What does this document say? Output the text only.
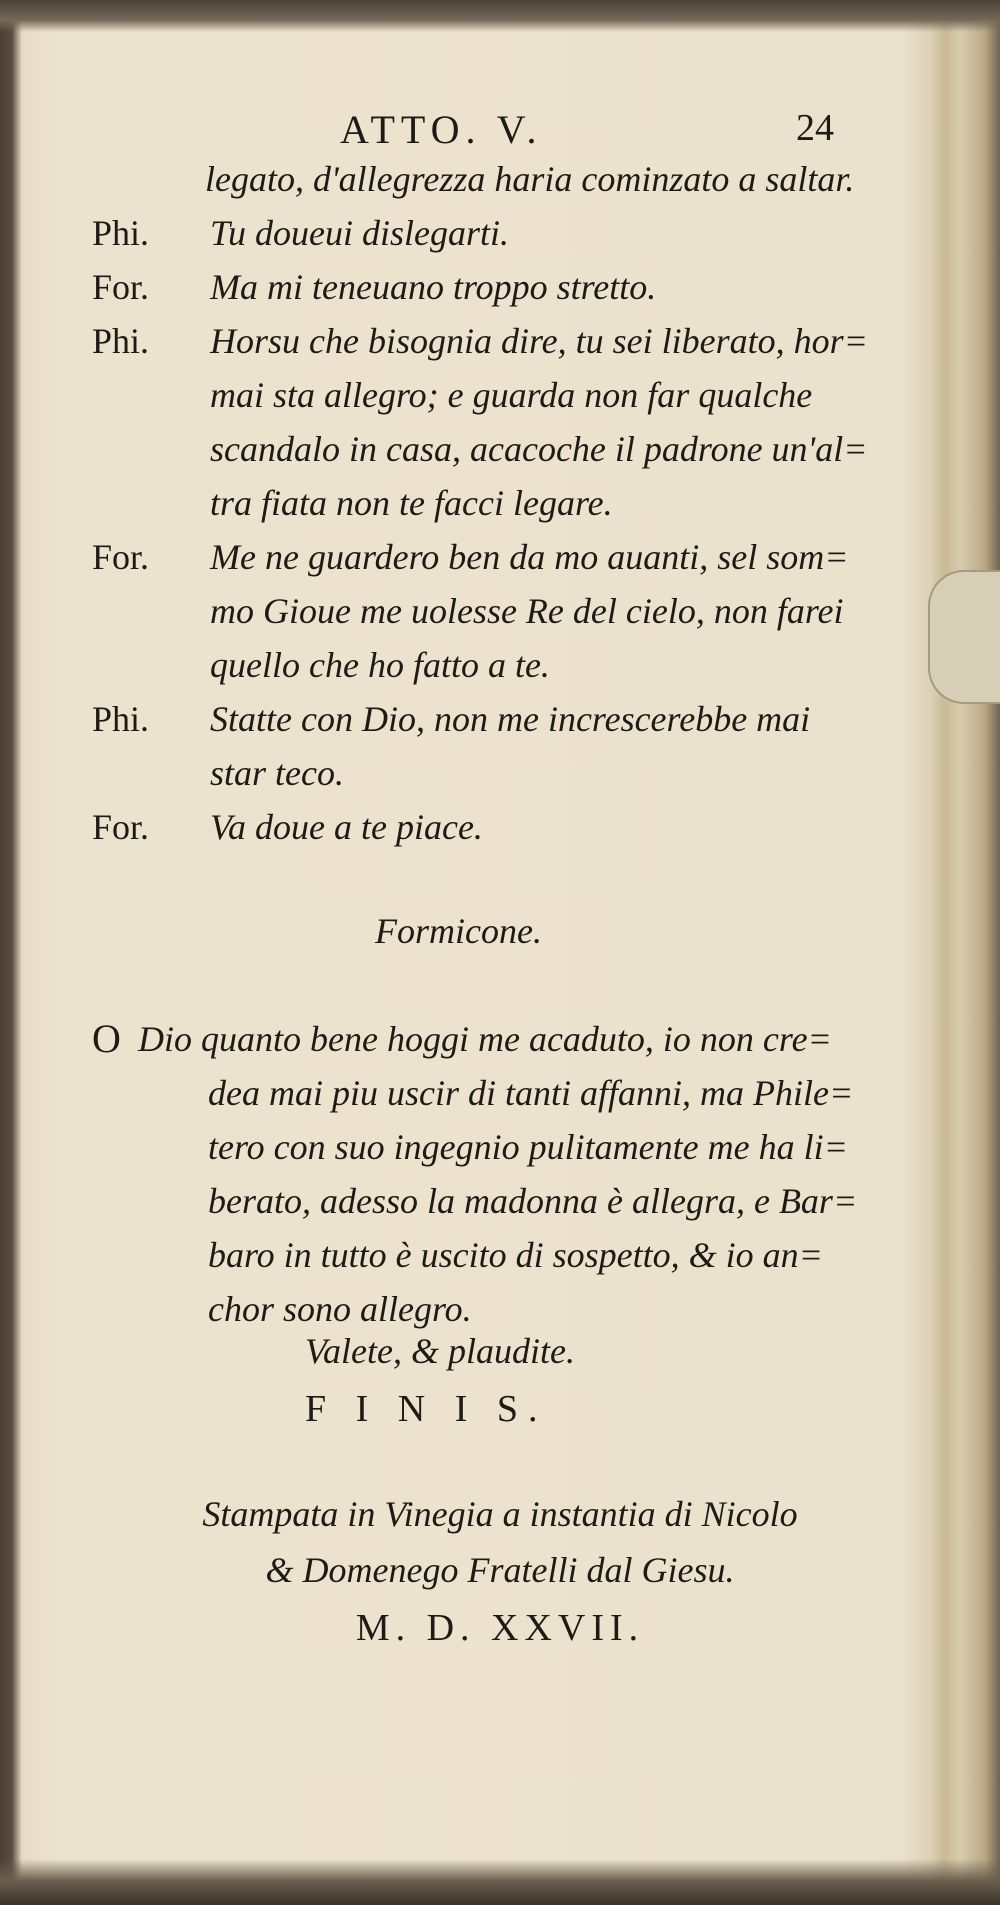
ATTO. V.	24
legato, d'allegrezza haria cominzato a saltar.
Phi. Tu doueui dislegarti.
For. Ma mi teneuano troppo stretto.
Phi. Horsu che bisognia dire, tu sei liberato, hor=
mai sta allegro; e guarda non far qualche
scandalo in casa, acacoche il padrone un'al=
tra fiata non te facci legare.
For. Me ne guardero ben da mo auanti, sel som=
mo Gioue me uolesse Re del cielo, non farei
quello che ho fatto a te.
Phi. Statte con Dio, non me increscerebbe mai
star teco.
For. Va doue a te piace.
Formicone.
O Dio quanto bene hoggi me acaduto, io non cre=
dea mai piu uscir di tanti affanni, ma Phile=
tero con suo ingegnio pulitamente me ha li=
berato, adesso la madonna è allegra, e Bar=
baro in tutto è uscito di sospetto, & io an=
chor sono allegro.
Valete, & plaudite.
F I N I S.
Stampata in Vinegia a instantia di Nicolo
& Domenego Fratelli dal Giesu.
M. D. XXVII.
